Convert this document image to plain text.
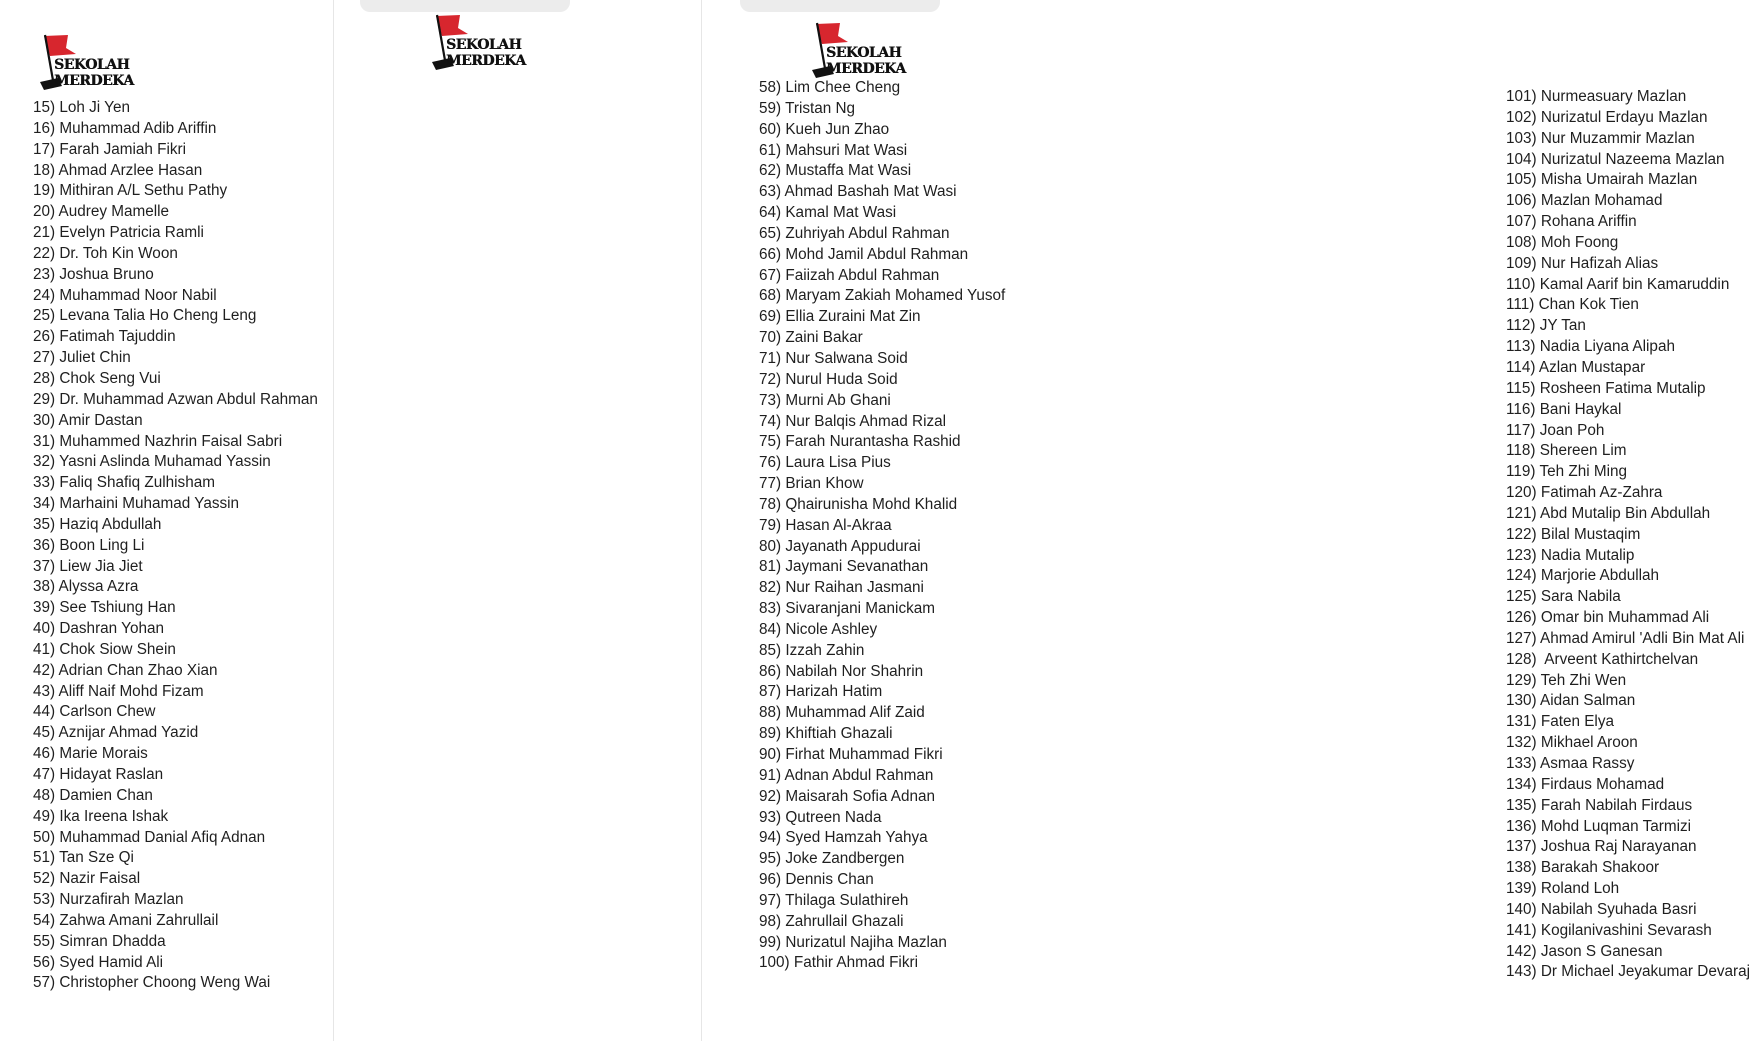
SEKOLAH
MERDEKA
15) Loh Ji Yen
16) Muhammad Adib Ariffin
17) Farah Jamiah Fikri
18) Ahmad Arzlee Hasan
19) Mithiran A/L Sethu Pathy
20) Audrey Mamelle
21) Evelyn Patricia Ramli
22) Dr. Toh Kin Woon
23) Joshua Bruno
24) Muhammad Noor Nabil
25) Levana Talia Ho Cheng Leng
26) Fatimah Tajuddin
27) Juliet Chin
28) Chok Seng Vui
29) Dr. Muhammad Azwan Abdul Rahman
30) Amir Dastan
31) Muhammed Nazhrin Faisal Sabri
32) Yasni Aslinda Muhamad Yassin
33) Faliq Shafiq Zulhisham
34) Marhaini Muhamad Yassin
35) Haziq Abdullah
36) Boon Ling Li
37) Liew Jia Jiet
38) Alyssa Azra
39) See Tshiung Han
40) Dashran Yohan
41) Chok Siow Shein
42) Adrian Chan Zhao Xian
43) Aliff Naif Mohd Fizam
44) Carlson Chew
45) Aznijar Ahmad Yazid
46) Marie Morais
47) Hidayat Raslan
48) Damien Chan
49) Ika Ireena Ishak
50) Muhammad Danial Afiq Adnan
51) Tan Sze Qi
52) Nazir Faisal
53) Nurzafirah Mazlan
54) Zahwa Amani Zahrullail
55) Simran Dhadda
56) Syed Hamid Ali
57) Christopher Choong Weng Wai
SEKOLAH
MERDEKA
58) Lim Chee Cheng
59) Tristan Ng
60) Kueh Jun Zhao
61) Mahsuri Mat Wasi
62) Mustaffa Mat Wasi
63) Ahmad Bashah Mat Wasi
64) Kamal Mat Wasi
65) Zuhriyah Abdul Rahman
66) Mohd Jamil Abdul Rahman
67) Faiizah Abdul Rahman
68) Maryam Zakiah Mohamed Yusof
69) Ellia Zuraini Mat Zin
70) Zaini Bakar
71) Nur Salwana Soid
72) Nurul Huda Soid
73) Murni Ab Ghani
74) Nur Balqis Ahmad Rizal
75) Farah Nurantasha Rashid
76) Laura Lisa Pius
77) Brian Khow
78) Qhairunisha Mohd Khalid
79) Hasan Al-Akraa
80) Jayanath Appudurai
81) Jaymani Sevanathan
82) Nur Raihan Jasmani
83) Sivaranjani Manickam
84) Nicole Ashley
85) Izzah Zahin
86) Nabilah Nor Shahrin
87) Harizah Hatim
88) Muhammad Alif Zaid
89) Khiftiah Ghazali
90) Firhat Muhammad Fikri
91) Adnan Abdul Rahman
92) Maisarah Sofia Adnan
93) Qutreen Nada
94) Syed Hamzah Yahya
95) Joke Zandbergen
96) Dennis Chan
97) Thilaga Sulathireh
98) Zahrullail Ghazali
99) Nurizatul Najiha Mazlan
100) Fathir Ahmad Fikri
SEKOLAH
MERDEKA
101) Nurmeasuary Mazlan
102) Nurizatul Erdayu Mazlan
103) Nur Muzammir Mazlan
104) Nurizatul Nazeema Mazlan
105) Misha Umairah Mazlan
106) Mazlan Mohamad
107) Rohana Ariffin
108) Moh Foong
109) Nur Hafizah Alias
110) Kamal Aarif bin Kamaruddin
111) Chan Kok Tien
112) JY Tan
113) Nadia Liyana Alipah
114) Azlan Mustapar
115) Rosheen Fatima Mutalip
116) Bani Haykal
117) Joan Poh
118) Shereen Lim
119) Teh Zhi Ming
120) Fatimah Az-Zahra
121) Abd Mutalip Bin Abdullah
122) Bilal Mustaqim
123) Nadia Mutalip
124) Marjorie Abdullah
125) Sara Nabila
126) Omar bin Muhammad Ali
127) Ahmad Amirul 'Adli Bin Mat Ali
128)  Arveent Kathirtchelvan
129) Teh Zhi Wen
130) Aidan Salman
131) Faten Elya
132) Mikhael Aroon
133) Asmaa Rassy
134) Firdaus Mohamad
135) Farah Nabilah Firdaus
136) Mohd Luqman Tarmizi
137) Joshua Raj Narayanan
138) Barakah Shakoor
139) Roland Loh
140) Nabilah Syuhada Basri
141) Kogilanivashini Sevarash
142) Jason S Ganesan
143) Dr Michael Jeyakumar Devaraj
